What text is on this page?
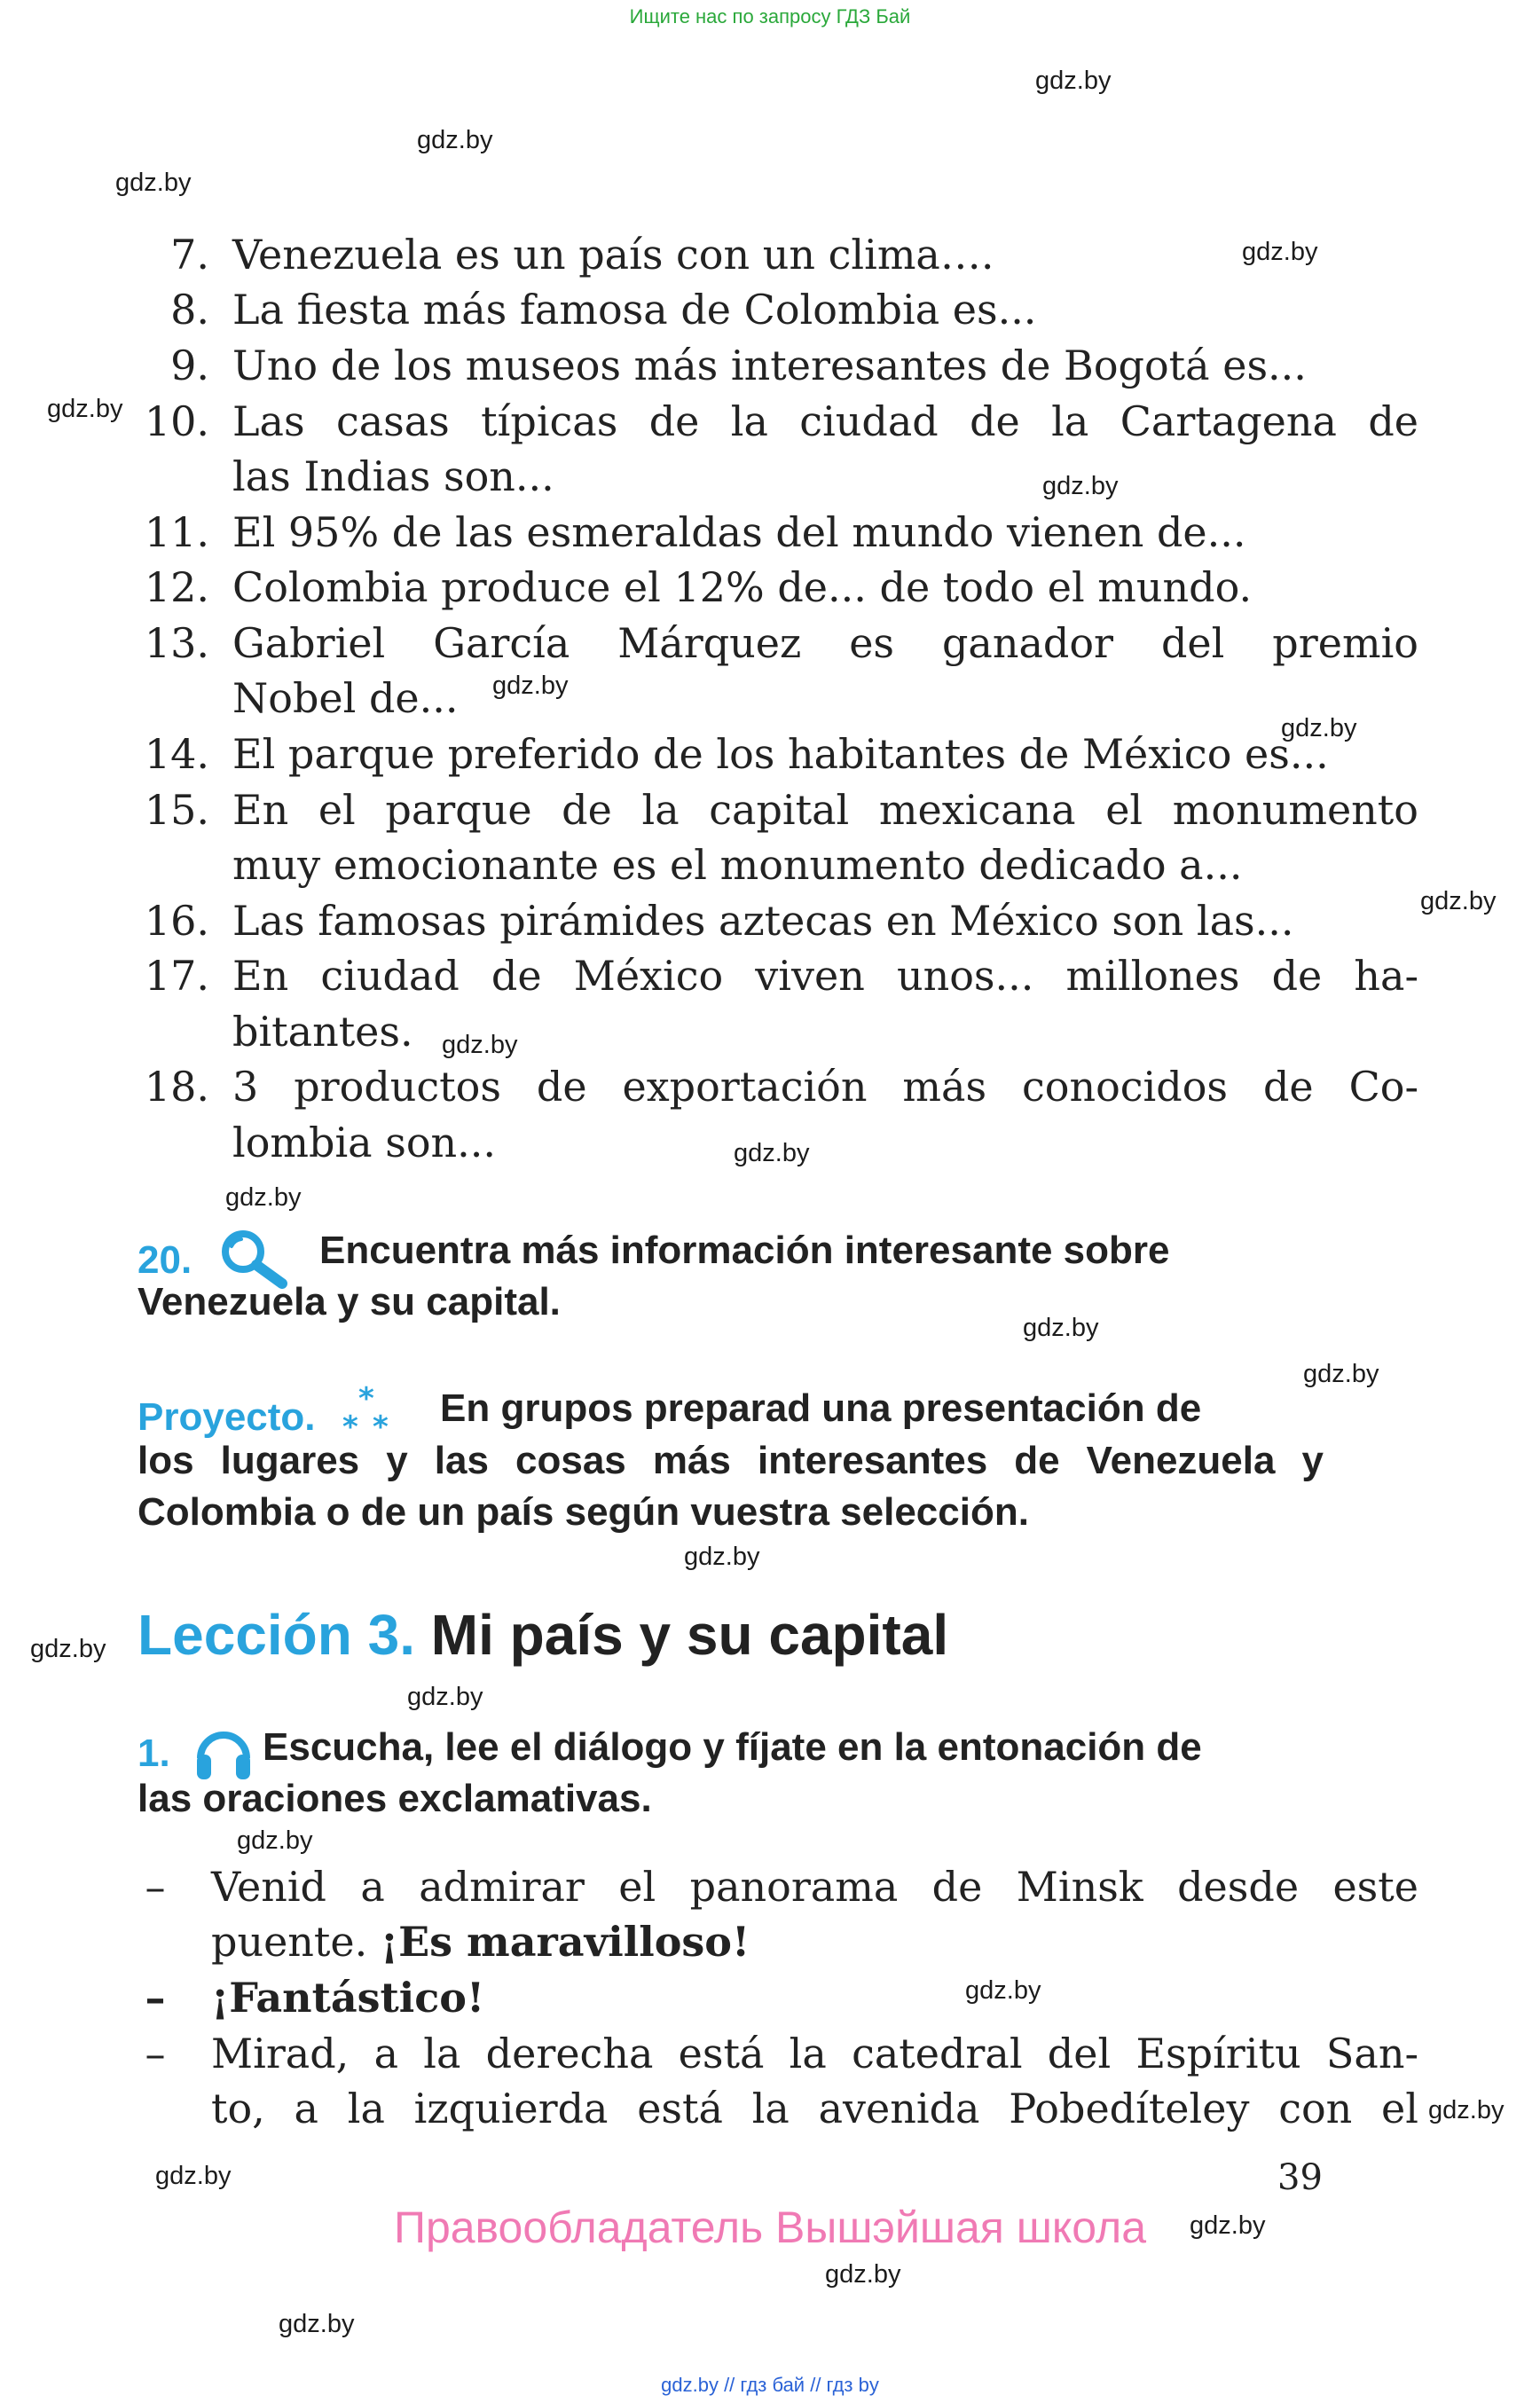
Ищите нас по запросу ГДЗ Бай
gdz.by
gdz.by
gdz.by
gdz.by
gdz.by
gdz.by
gdz.by
gdz.by
gdz.by
gdz.by
gdz.by
gdz.by
gdz.by
gdz.by
gdz.by
gdz.by
gdz.by
gdz.by
gdz.by
gdz.by
gdz.by
gdz.by
gdz.by
gdz.by
7. Venezuela es un país con un clima….
8. La fiesta más famosa de Colombia es...
9. Uno de los museos más interesantes de Bogotá es...
10. Las casas típicas de la ciudad de la Cartagena de
las Indias son...
11. El 95% de las esmeraldas del mundo vienen de...
12. Colombia produce el 12% de... de todo el mundo.
13. Gabriel García Márquez es ganador del premio
Nobel de...
14. El parque preferido de los habitantes de México es...
15. En el parque de la capital mexicana el monumento
muy emocionante es el monumento dedicado a...
16. Las famosas pirámides aztecas en México son las...
17. En ciudad de México viven unos... millones de ha-
bitantes.
18. 3 productos de exportación más conocidos de Co-
lombia son...
20.	Encuentra más información interesante sobre
Venezuela y su capital.
Proyecto. *
* * En grupos preparad una presentación de
los lugares y las cosas más interesantes de Venezuela y
Colombia o de un país según vuestra selección.
Lección 3. Mi país y su capital
1.	Escucha, lee el diálogo y fíjate en la entonación de
las oraciones exclamativas.
–	Venid a admirar el panorama de Minsk desde este
puente. ¡Es maravilloso!
–	¡Fantástico!
–	Mirad, a la derecha está la catedral del Espíritu San-
to, a la izquierda está la avenida Pobedíteley con el
39
Правообладатель Вышэйшая школа
gdz.by // гдз бай // гдз by
